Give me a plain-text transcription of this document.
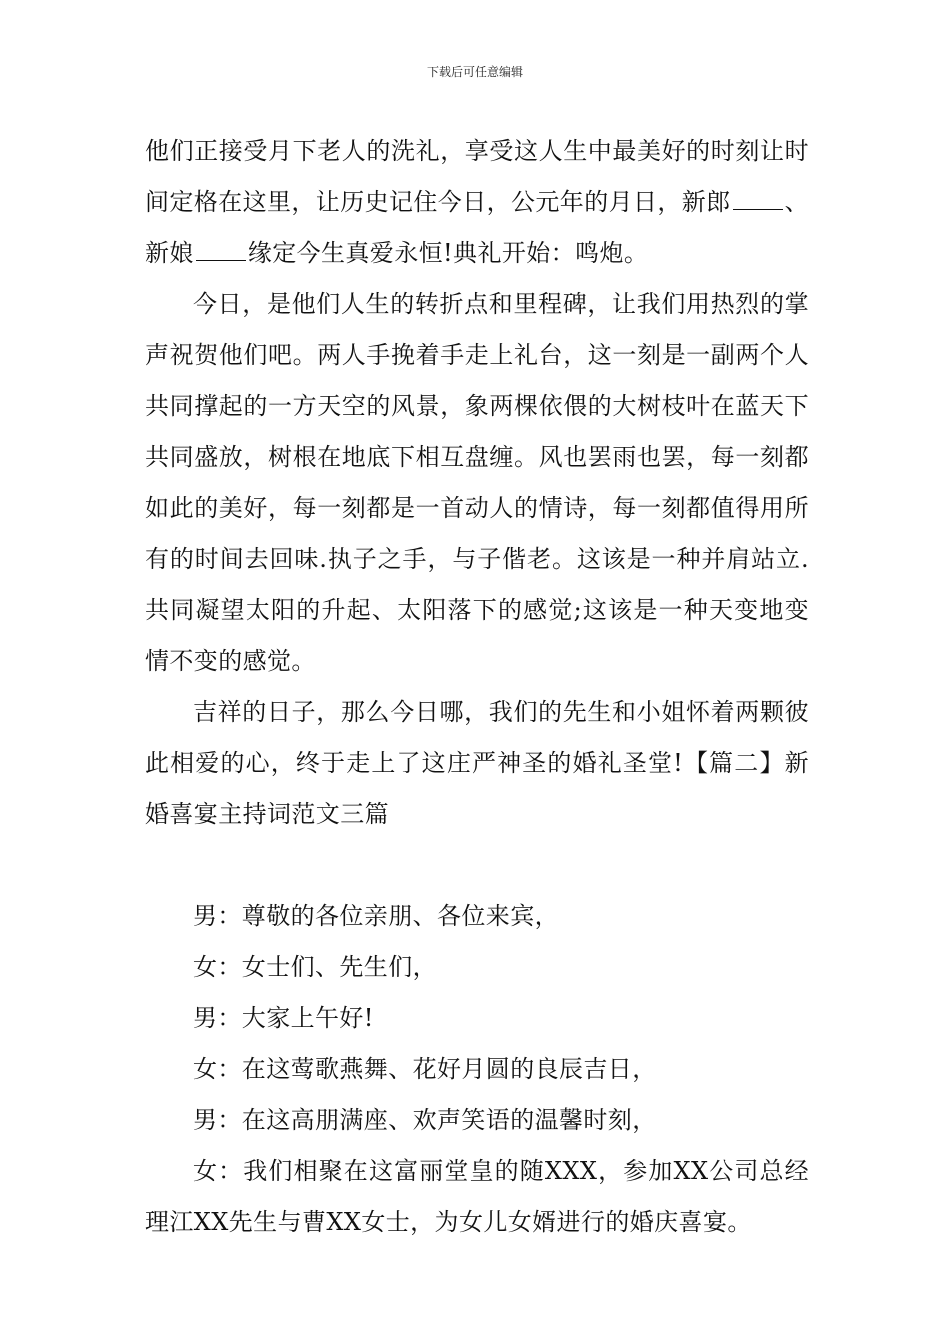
下载后可任意编辑

他们正接受月下老人的洗礼，享受这人生中最美好的时刻让时间定格在这里，让历史记住今日，公元年的月日，新郎 、新娘 缘定今生真爱永恒!典礼开始：鸣炮。

今日，是他们人生的转折点和里程碑，让我们用热烈的掌声祝贺他们吧。两人手挽着手走上礼台，这一刻是一副两个人共同撑起的一方天空的风景，象两棵依偎的大树枝叶在蓝天下共同盛放，树根在地底下相互盘缠。风也罢雨也罢，每一刻都如此的美好，每一刻都是一首动人的情诗，每一刻都值得用所有的时间去回味.执子之手，与子偕老。这该是一种并肩站立.共同凝望太阳的升起、太阳落下的感觉;这该是一种天变地变情不变的感觉。

吉祥的日子，那么今日哪，我们的先生和小姐怀着两颗彼此相爱的心，终于走上了这庄严神圣的婚礼圣堂!【篇二】新婚喜宴主持词范文三篇

男：尊敬的各位亲朋、各位来宾，

女：女士们、先生们，

男：大家上午好!

女：在这莺歌燕舞、花好月圆的良辰吉日，

男：在这高朋满座、欢声笑语的温馨时刻，

女：我们相聚在这富丽堂皇的随XXX，参加XX公司总经理江XX先生与曹XX女士，为女儿女婿进行的婚庆喜宴。
